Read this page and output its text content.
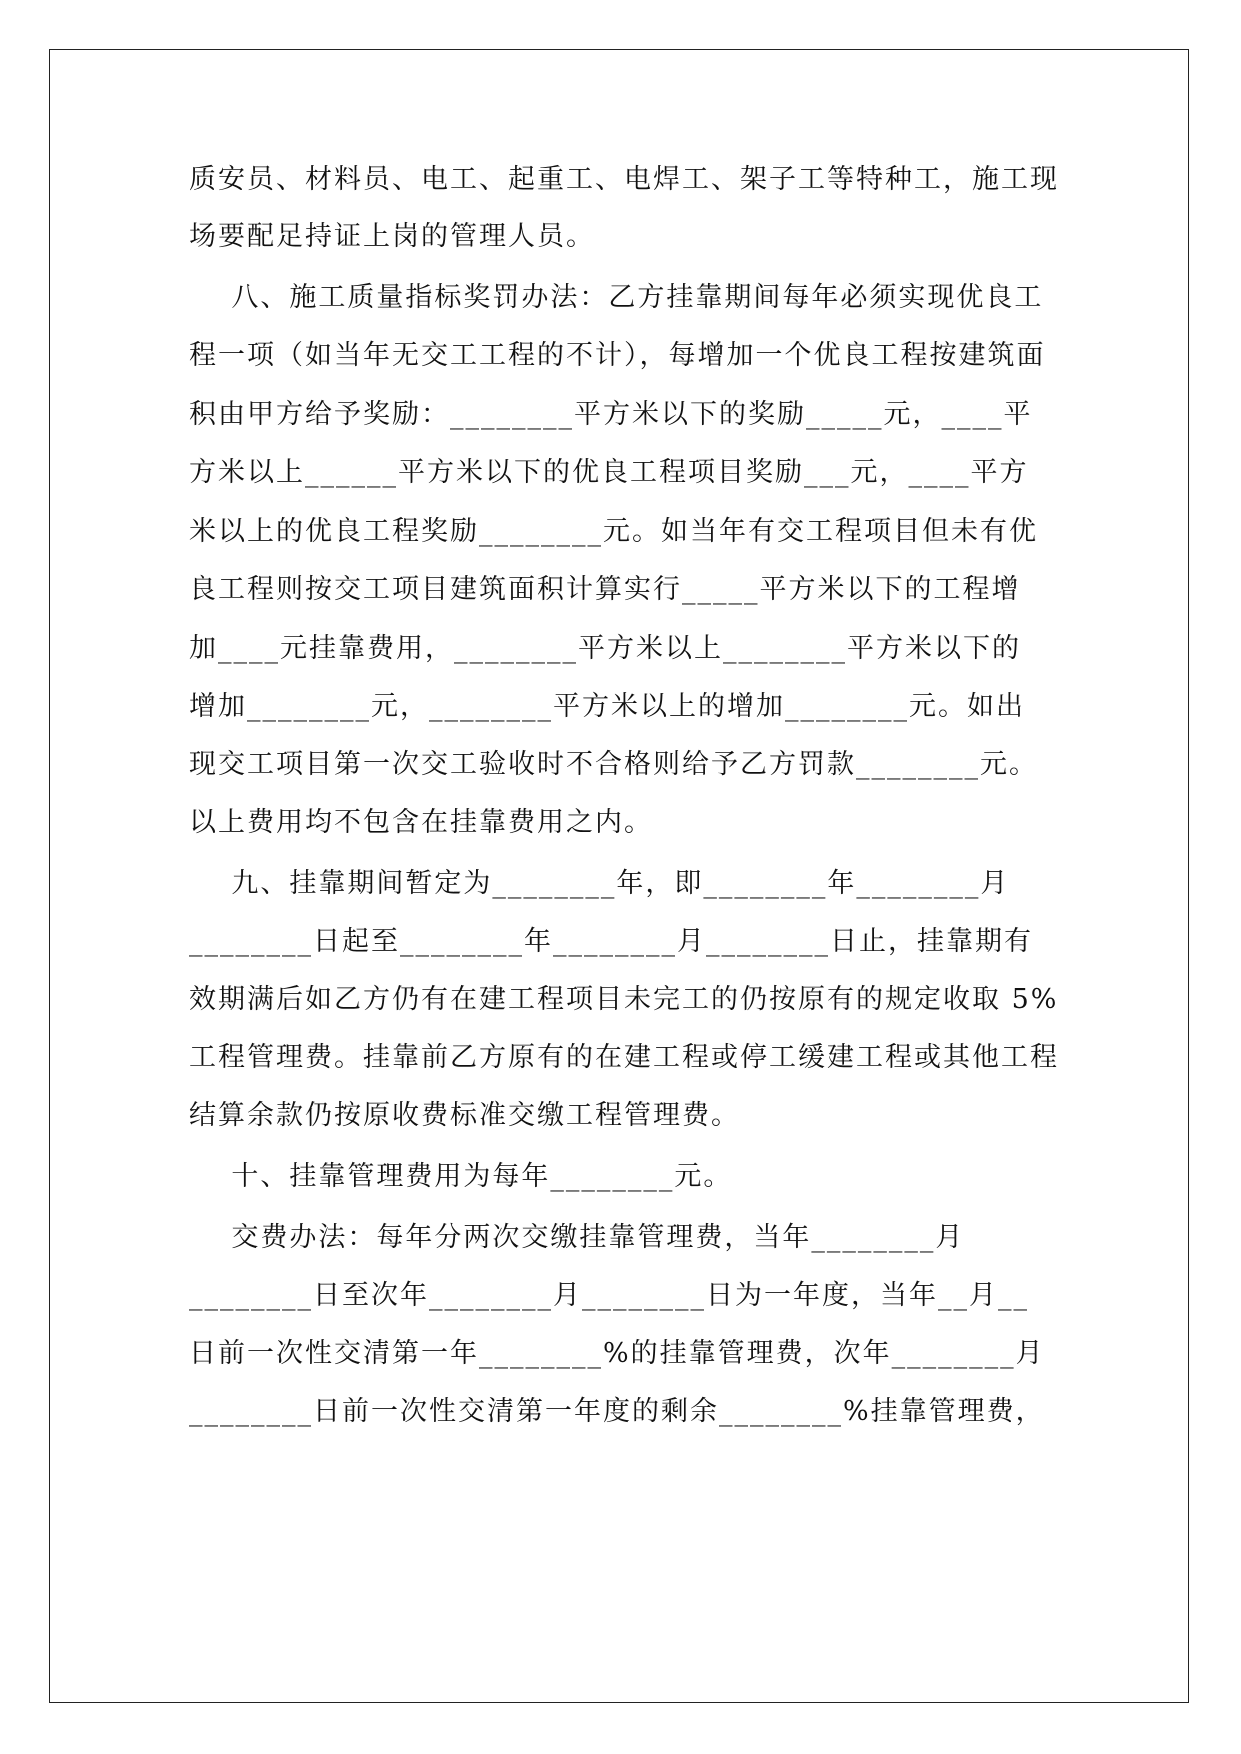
质安员、材料员、电工、起重工、电焊工、架子工等特种工，施工现
场要配足持证上岗的管理人员。
八、施工质量指标奖罚办法：乙方挂靠期间每年必须实现优良工
程一项（如当年无交工工程的不计），每增加一个优良工程按建筑面
积由甲方给予奖励：________平方米以下的奖励_____元，____平
方米以上______平方米以下的优良工程项目奖励___元，____平方
米以上的优良工程奖励________元。如当年有交工程项目但未有优
良工程则按交工项目建筑面积计算实行_____平方米以下的工程增
加____元挂靠费用，________平方米以上________平方米以下的
增加________元，________平方米以上的增加________元。如出
现交工项目第一次交工验收时不合格则给予乙方罚款________元。
以上费用均不包含在挂靠费用之内。
九、挂靠期间暂定为________年，即________年________月
________日起至________年________月________日止，挂靠期有
效期满后如乙方仍有在建工程项目未完工的仍按原有的规定收取 5%
工程管理费。挂靠前乙方原有的在建工程或停工缓建工程或其他工程
结算余款仍按原收费标准交缴工程管理费。
十、挂靠管理费用为每年________元。
交费办法：每年分两次交缴挂靠管理费，当年________月
________日至次年________月________日为一年度，当年__月__
日前一次性交清第一年________%的挂靠管理费，次年________月
________日前一次性交清第一年度的剩余________%挂靠管理费，
